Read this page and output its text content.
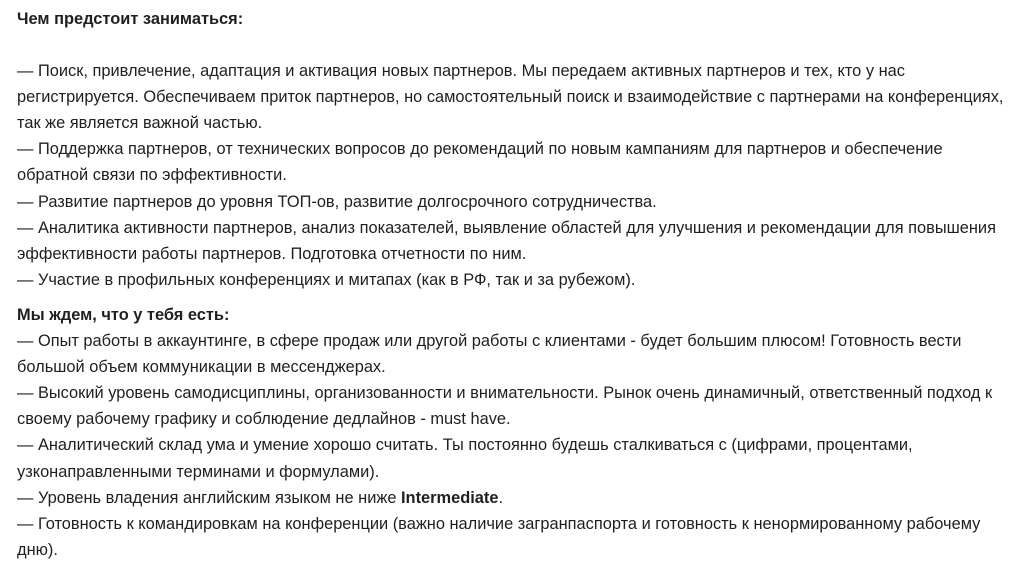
Чем предстоит заниматься:

— Поиск, привлечение, адаптация и активация новых партнеров. Мы передаем активных партнеров и тех, кто у нас регистрируется. Обеспечиваем приток партнеров, но самостоятельный поиск и взаимодействие с партнерами на конференциях, так же является важной частью.

— Поддержка партнеров, от технических вопросов до рекомендаций по новым кампаниям для партнеров и обеспечение обратной связи по эффективности.

— Развитие партнеров до уровня ТОП-ов, развитие долгосрочного сотрудничества.

— Аналитика активности партнеров, анализ показателей, выявление областей для улучшения и рекомендации для повышения эффективности работы партнеров. Подготовка отчетности по ним.

— Участие в профильных конференциях и митапах (как в РФ, так и за рубежом).

Мы ждем, что у тебя есть:

— Опыт работы в аккаунтинге, в сфере продаж или другой работы с клиентами - будет большим плюсом! Готовность вести большой объем коммуникации в мессенджерах.

— Высокий уровень самодисциплины, организованности и внимательности. Рынок очень динамичный, ответственный подход к своему рабочему графику и соблюдение дедлайнов - must have.

— Аналитический склад ума и умение хорошо считать. Ты постоянно будешь сталкиваться с (цифрами, процентами, узконаправленными терминами и формулами).

— Уровень владения английским языком не ниже Intermediate.

— Готовность к командировкам на конференции (важно наличие загранпаспорта и готовность к ненормированному рабочему дню).
